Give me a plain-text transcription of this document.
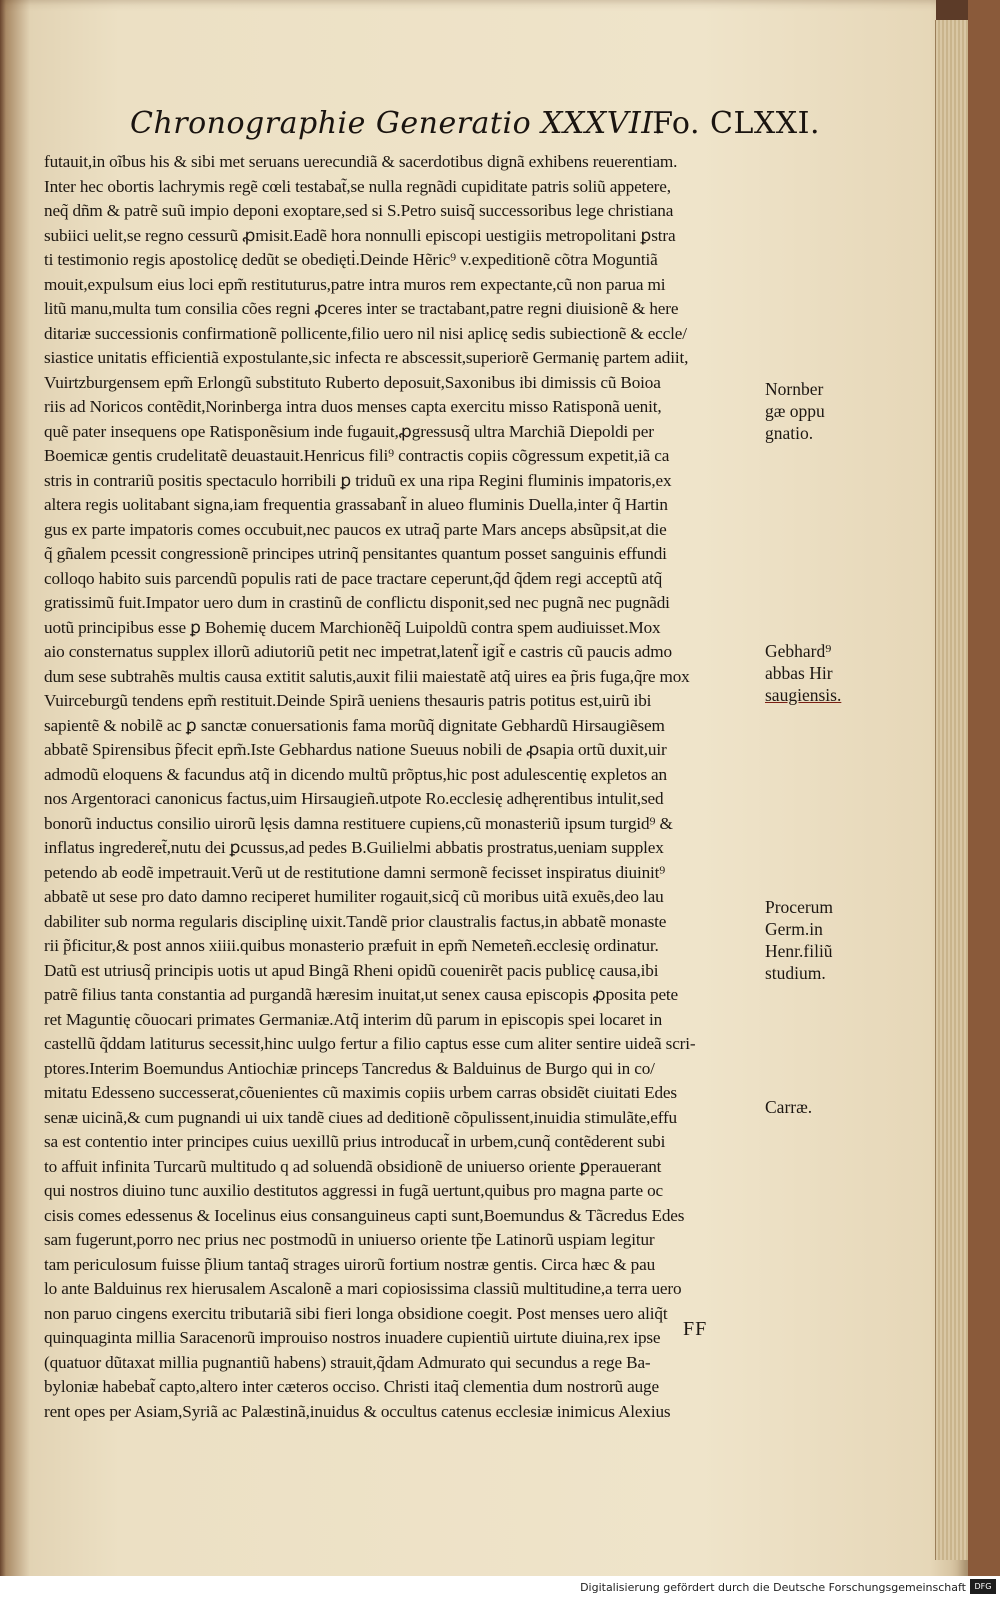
Chronographie Generatio XXXVII.
Fo. CLXXI.
futauit,in oĩbus his & sibi met seruans uerecundiã & sacerdotibus dignã exhibens reuerentiam.
Inter hec obortis lachrymis regẽ cœli testabat̃,se nulla regnãdi cupiditate patris soliũ appetere,
neq̃ dñm & patrẽ suũ impio deponi exoptare,sed si S.Petro suisq̃ successoribus lege christiana
subiici uelit,se regno cessurũ ꝓmisit.Eadẽ hora nonnulli episcopi uestigiis metropolitani ꝑstra
ti testimonio regis apostolicę dedũt se obedięti̇.Deinde Hẽric⁹ v.expeditionẽ cõtra Moguntiã
mouit,expulsum eius loci epm̃ restituturus,patre intra muros rem expectante,cũ non parua mi
litũ manu,multa tum consilia cões regni ꝓceres inter se tractabant,patre regni diuisionẽ & here
ditariæ successionis confirmationẽ pollicente,filio uero nil nisi aplicę sedis subiectionẽ & eccle/
siastice unitatis efficientiã expostulante,sic infecta re abscessit,superiorẽ Germanię partem adiit,
Vuirtzburgensem epm̃ Erlongũ substituto Ruberto deposuit,Saxonibus ibi dimissis cũ Boioa
riis ad Noricos contẽdit,Norinberga intra duos menses capta exercitu misso Ratisponã uenit,
quẽ pater insequens ope Ratisponẽsium inde fugauit,ꝓgressusq̃ ultra Marchiã Diepoldi per
Boemicæ gentis crudelitatẽ deuastauit.Henricus fili⁹ contractis copiis cõgressum expetit,iã ca
stris in contrariũ positis spectaculo horribili ꝑ triduũ ex una ripa Regini fluminis impatoris,ex
altera regis uolitabant signa,iam frequentia grassabant̃ in alueo fluminis Duella,inter q̃ Hartin
gus ex parte impatoris comes occubuit,nec paucos ex utraq̃ parte Mars anceps absũpsit,at die
q̃ gñalem pcessit congressionẽ principes utrinq̃ pensitantes quantum posset sanguinis effundi
colloqo habito suis parcendũ populis rati de pace tractare ceperunt,q̃d q̃dem regi acceptũ atq̃
gratissimũ fuit.Impator uero dum in crastinũ de conflictu disponit,sed nec pugnã nec pugnãdi
uotũ principibus esse ꝑ Bohemię ducem Marchionẽq̃ Luipoldũ contra spem audiuisset.Mox
aio consternatus supplex illorũ adiutoriũ petit nec impetrat,latent̃ igit̃ e castris cũ paucis admo
dum sese subtrahẽs multis causa extitit salutis,auxit filii maiestatẽ atq̃ uires ea p̃ris fuga,q̃re mox
Vuirceburgũ tendens epm̃ restituit.Deinde Spirã ueniens thesauris patris potitus est,uirũ ibi
sapientẽ & nobilẽ ac ꝑ sanctæ conuersationis fama morũq̃ dignitate Gebhardũ Hirsaugiẽsem
abbatẽ Spirensibus p̃fecit epm̃.Iste Gebhardus natione Sueuus nobili de ꝓsapia ortũ duxit,uir
admodũ eloquens & facundus atq̃ in dicendo multũ prõptus,hic post adulescentię expletos an
nos Argentoraci canonicus factus,uim Hirsaugieñ.utpote Ro.ecclesię adhęrentibus intulit,sed
bonorũ inductus consilio uirorũ lęsis damna restituere cupiens,cũ monasteriũ ipsum turgid⁹ &
inflatus ingrederet̃,nutu dei ꝑcussus,ad pedes B.Guilielmi abbatis prostratus,ueniam supplex
petendo ab eodẽ impetrauit.Verũ ut de restitutione damni sermonẽ fecisset inspiratus diuinit⁹
abbatẽ ut sese pro dato damno reciperet humiliter rogauit,sicq̃ cũ moribus uitã exuẽs,deo lau
dabiliter sub norma regularis disciplinę uixit.Tandẽ prior claustralis factus,in abbatẽ monaste
rii p̃ficitur,& post annos xiiii.quibus monasterio præfuit in epm̃ Nemeteñ.ecclesię ordinatur.
Datũ est utriusq̃ principis uotis ut apud Bingã Rheni opidũ couenirẽt pacis publicę causa,ibi
patrẽ filius tanta constantia ad purgandã hæresim inuitat,ut senex causa episcopis ꝓposita pete
ret Maguntię cõuocari primates Germaniæ.Atq̃ interim dũ parum in episcopis spei locaret in
castellũ q̃ddam latiturus secessit,hinc uulgo fertur a filio captus esse cum aliter sentire uideã scri-
ptores.Interim Boemundus Antiochiæ princeps Tancredus & Balduinus de Burgo qui in co/
mitatu Edesseno successerat,cõuenientes cũ maximis copiis urbem carras obsidẽt ciuitati Edes
senæ uicinã,& cum pugnandi ui uix tandẽ ciues ad deditionẽ cõpulissent,inuidia stimulãte,effu
sa est contentio inter principes cuius uexillũ prius introducat̃ in urbem,cunq̃ contẽderent subi
to affuit infinita Turcarũ multitudo q ad soluendã obsidionẽ de uniuerso oriente ꝑperauerant
qui nostros diuino tunc auxilio destitutos aggressi in fugã uertunt,quibus pro magna parte oc
cisis comes edessenus & Iocelinus eius consanguineus capti sunt,Boemundus & Tãcredus Edes
sam fugerunt,porro nec prius nec postmodũ in uniuerso oriente tp̃e Latinorũ uspiam legitur
tam periculosum fuisse p̃lium tantaq̃ strages uirorũ fortium nostræ gentis. Circa hæc & pau
lo ante Balduinus rex hierusalem Ascalonẽ a mari copiosissima classiũ multitudine,a terra uero
non paruo cingens exercitu tributariã sibi fieri longa obsidione coegit. Post menses uero aliq̃t
quinquaginta millia Saracenorũ improuiso nostros inuadere cupientiũ uirtute diuina,rex ipse
(quatuor dũtaxat millia pugnantiũ habens) strauit,q̃dam Admurato qui secundus a rege Ba-
byloniæ habebat̃ capto,altero inter cæteros occiso. Christi itaq̃ clementia dum nostrorũ auge
rent opes per Asiam,Syriã ac Palæstinã,inuidus & occultus catenus ecclesiæ inimicus Alexius
Nornber
gæ oppu
gnatio.
Gebhard⁹
abbas Hir
saugiensis.
Procerum
Germ.in
Henr.filiũ
studium.
Carræ.
FF
Digitalisierung gefördert durch die Deutsche Forschungsgemeinschaft	DFG
